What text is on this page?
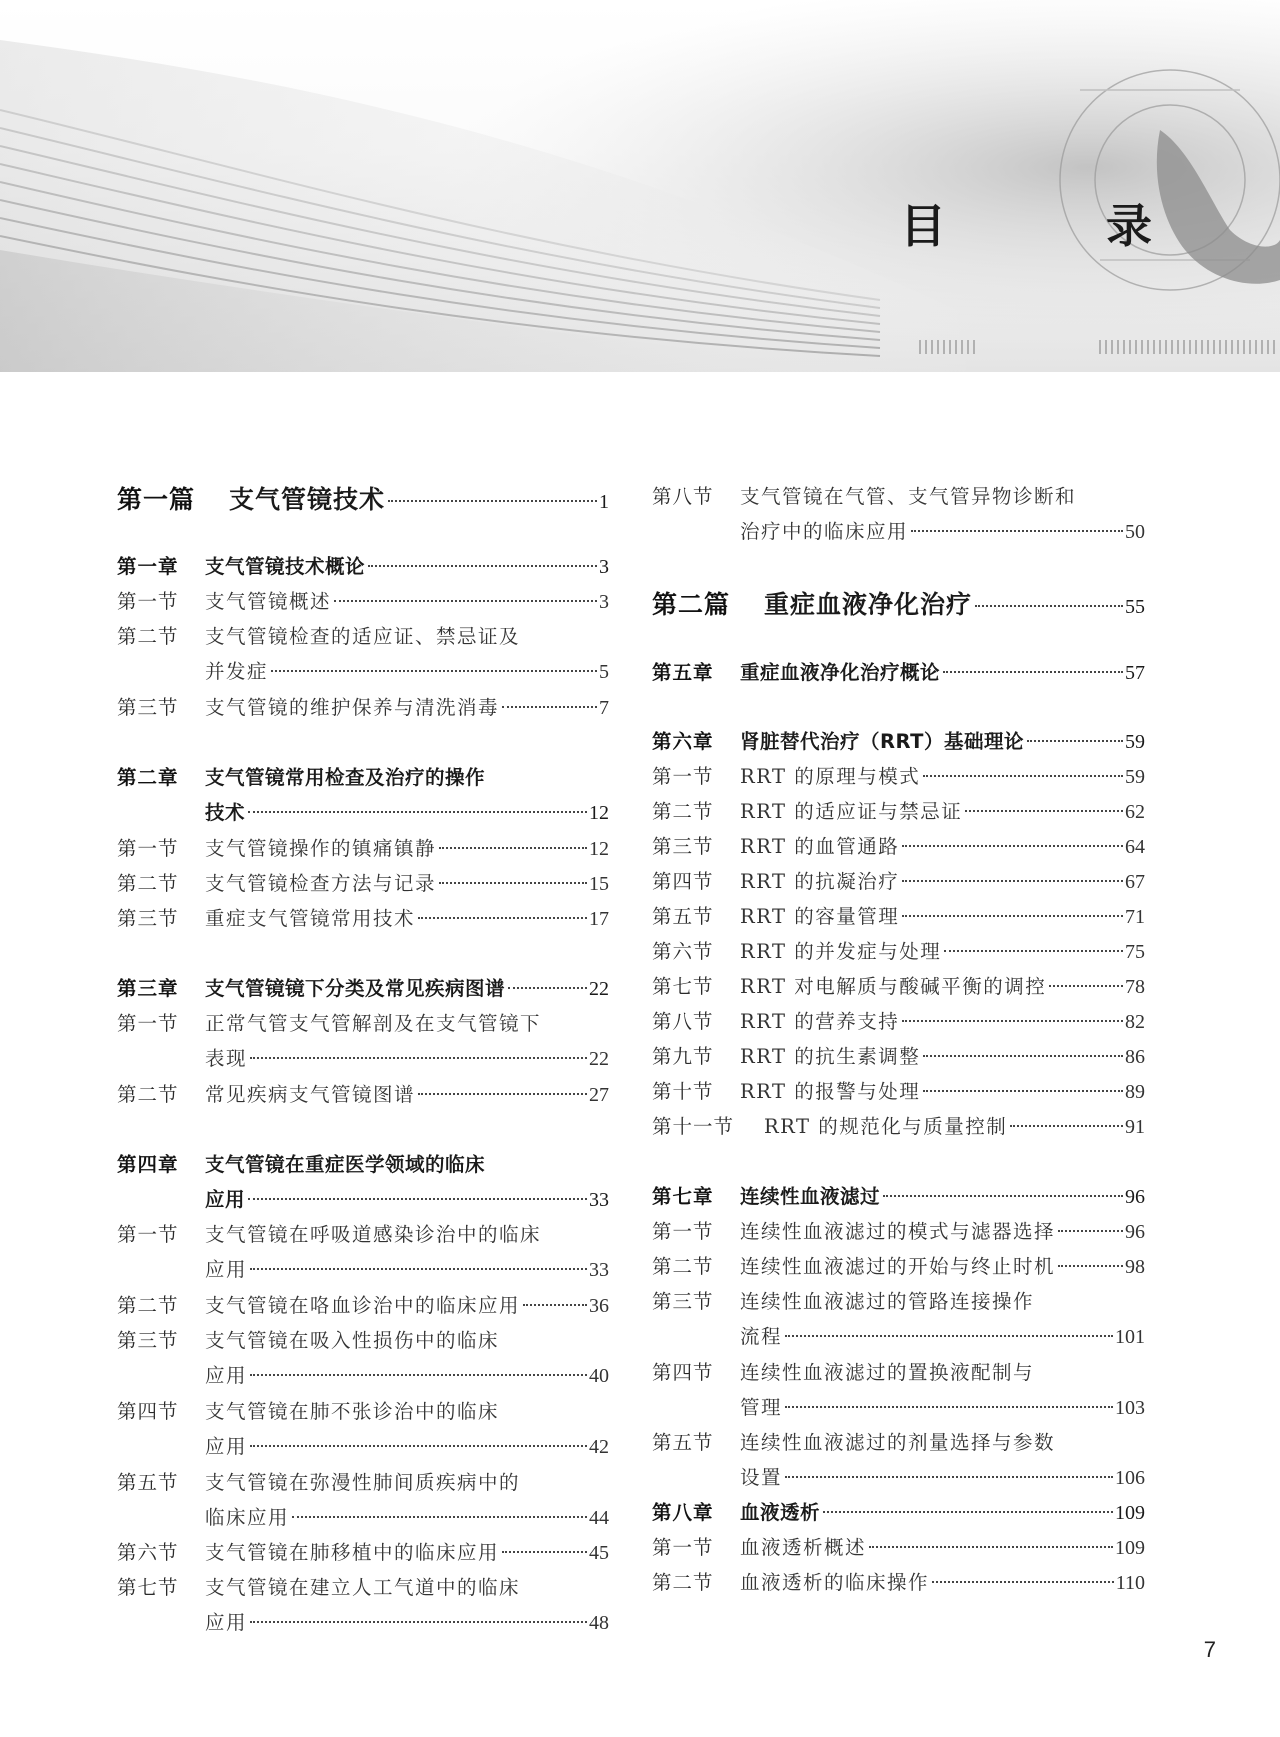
目 录
第一篇 支气管镜技术	1
第一章 支气管镜技术概论	3
第一节 支气管镜概述	3
第二节 支气管镜检查的适应证、禁忌证及
并发症	5
第三节 支气管镜的维护保养与清洗消毒	7
第二章 支气管镜常用检查及治疗的操作
技术	12
第一节 支气管镜操作的镇痛镇静	12
第二节 支气管镜检查方法与记录	15
第三节 重症支气管镜常用技术	17
第三章 支气管镜镜下分类及常见疾病图谱	22
第一节 正常气管支气管解剖及在支气管镜下
表现	22
第二节 常见疾病支气管镜图谱	27
第四章 支气管镜在重症医学领域的临床
应用	33
第一节 支气管镜在呼吸道感染诊治中的临床
应用	33
第二节 支气管镜在咯血诊治中的临床应用	36
第三节 支气管镜在吸入性损伤中的临床
应用	40
第四节 支气管镜在肺不张诊治中的临床
应用	42
第五节 支气管镜在弥漫性肺间质疾病中的
临床应用	44
第六节 支气管镜在肺移植中的临床应用	45
第七节 支气管镜在建立人工气道中的临床
应用	48
第八节 支气管镜在气管、支气管异物诊断和
治疗中的临床应用	50
第二篇 重症血液净化治疗	55
第五章 重症血液净化治疗概论	57
第六章 肾脏替代治疗（RRT）基础理论	59
第一节 RRT 的原理与模式	59
第二节 RRT 的适应证与禁忌证	62
第三节 RRT 的血管通路	64
第四节 RRT 的抗凝治疗	67
第五节 RRT 的容量管理	71
第六节 RRT 的并发症与处理	75
第七节 RRT 对电解质与酸碱平衡的调控	78
第八节 RRT 的营养支持	82
第九节 RRT 的抗生素调整	86
第十节 RRT 的报警与处理	89
第十一节 RRT 的规范化与质量控制	91
第七章 连续性血液滤过	96
第一节 连续性血液滤过的模式与滤器选择	96
第二节 连续性血液滤过的开始与终止时机	98
第三节 连续性血液滤过的管路连接操作
流程	101
第四节 连续性血液滤过的置换液配制与
管理	103
第五节 连续性血液滤过的剂量选择与参数
设置	106
第八章 血液透析	109
第一节 血液透析概述	109
第二节 血液透析的临床操作	110
7
